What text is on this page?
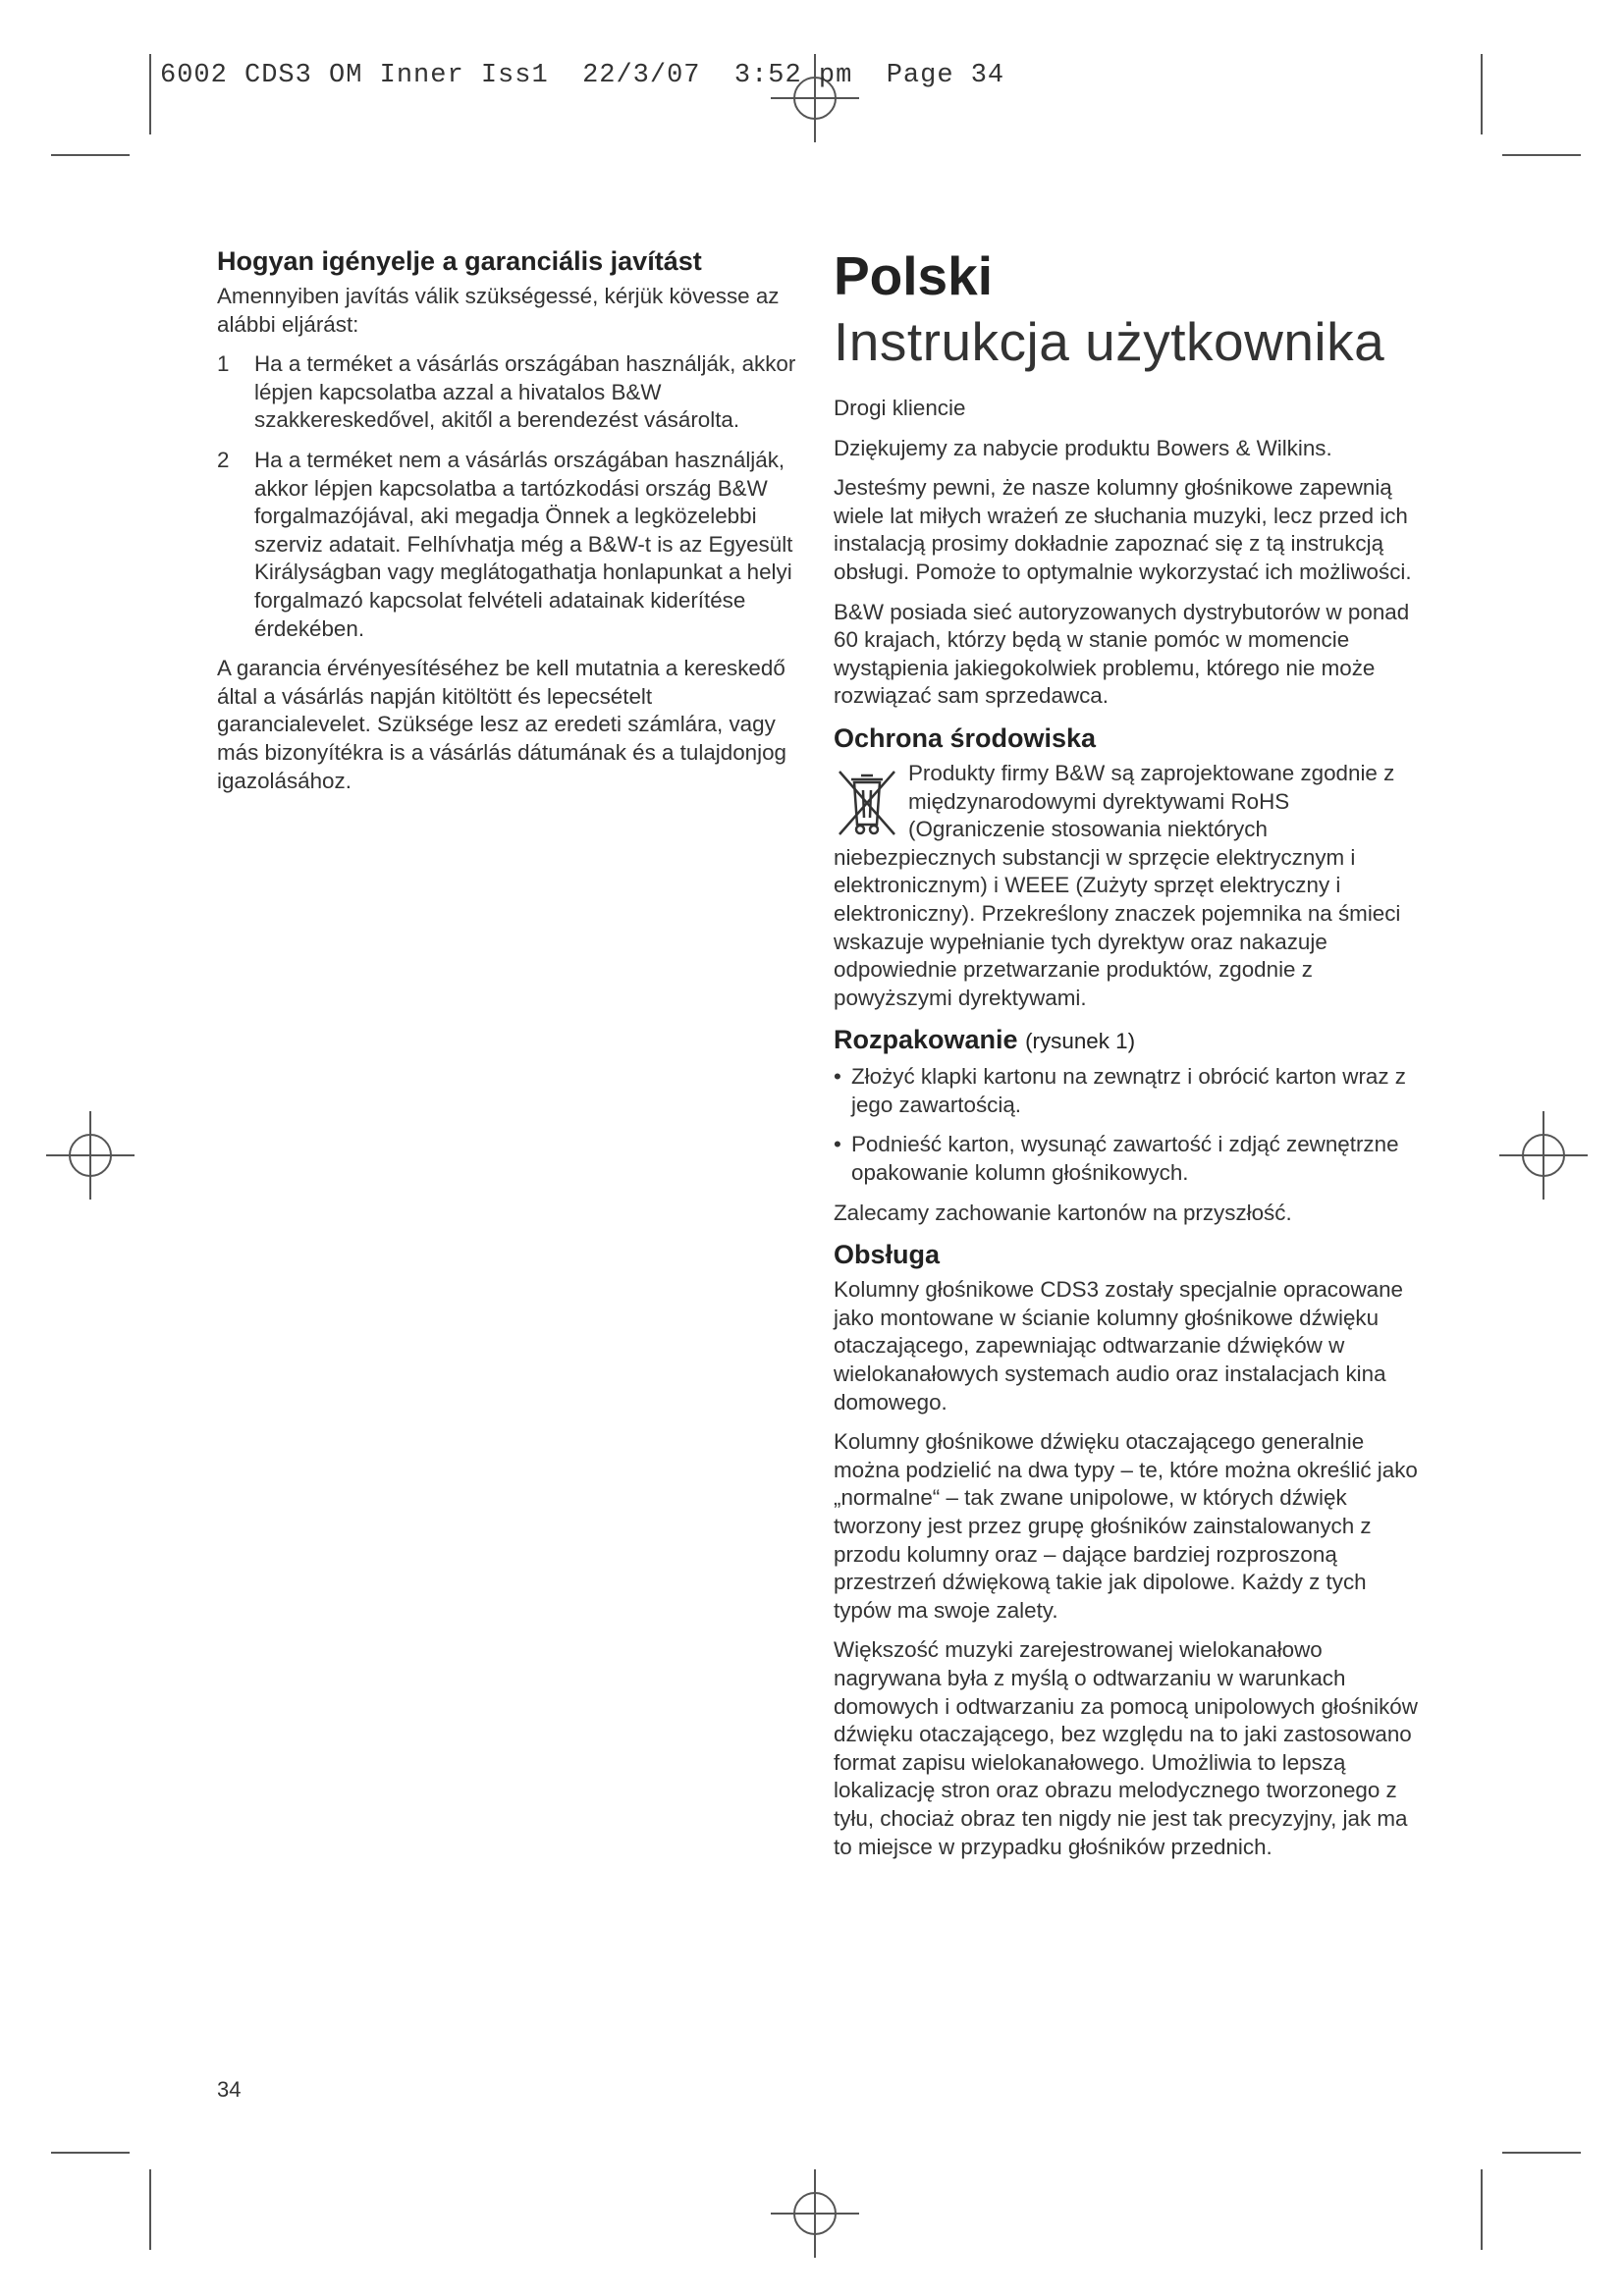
6002 CDS3 OM Inner Iss1  22/3/07  3:52 pm  Page 34
Hogyan igényelje a garanciális javítást

Amennyiben javítás válik szükségessé, kérjük kövesse az alábbi eljárást:

1 Ha a terméket a vásárlás országában használják, akkor lépjen kapcsolatba azzal a hivatalos B&W szakkereskedővel, akitől a berendezést vásárolta.
2 Ha a terméket nem a vásárlás országában használják, akkor lépjen kapcsolatba a tartózkodási ország B&W forgalmazójával, aki megadja Önnek a legközelebbi szerviz adatait. Felhívhatja még a B&W-t is az Egyesült Királyságban vagy meglátogathatja honlapunkat a helyi forgalmazó kapcsolat felvételi adatainak kiderítése érdekében.

A garancia érvényesítéséhez be kell mutatnia a kereskedő által a vásárlás napján kitöltött és lepecsételt garancialevelet. Szüksége lesz az eredeti számlára, vagy más bizonyítékra is a vásárlás dátumának és a tulajdonjog igazolásához.

Polski
Instrukcja użytkownika

Drogi kliencie

Dziękujemy za nabycie produktu Bowers & Wilkins.

Jesteśmy pewni, że nasze kolumny głośnikowe zapewnią wiele lat miłych wrażeń ze słuchania muzyki, lecz przed ich instalacją prosimy dokładnie zapoznać się z tą instrukcją obsługi. Pomoże to optymalnie wykorzystać ich możliwości.

B&W posiada sieć autoryzowanych dystrybutorów w ponad 60 krajach, którzy będą w stanie pomóc w momencie wystąpienia jakiegokolwiek problemu, którego nie może rozwiązać sam sprzedawca.

Ochrona środowiska

Produkty firmy B&W są zaprojektowane zgodnie z międzynarodowymi dyrektywami RoHS (Ograniczenie stosowania niektórych niebezpiecznych substancji w sprzęcie elektrycznym i elektronicznym) i WEEE (Zużyty sprzęt elektryczny i elektroniczny). Przekreślony znaczek pojemnika na śmieci wskazuje wypełnianie tych dyrektyw oraz nakazuje odpowiednie przetwarzanie produktów, zgodnie z powyższymi dyrektywami.

Rozpakowanie (rysunek 1)
• Złożyć klapki kartonu na zewnątrz i obrócić karton wraz z jego zawartością.
• Podnieść karton, wysunąć zawartość i zdjąć zewnętrzne opakowanie kolumn głośnikowych.

Zalecamy zachowanie kartonów na przyszłość.

Obsługa

Kolumny głośnikowe CDS3 zostały specjalnie opracowane jako montowane w ścianie kolumny głośnikowe dźwięku otaczającego, zapewniając odtwarzanie dźwięków w wielokanałowych systemach audio oraz instalacjach kina domowego.

Kolumny głośnikowe dźwięku otaczającego generalnie można podzielić na dwa typy – te, które można określić jako „normalne“ – tak zwane unipolowe, w których dźwięk tworzony jest przez grupę głośników zainstalowanych z przodu kolumny oraz – dające bardziej rozproszoną przestrzeń dźwiękową takie jak dipolowe. Każdy z tych typów ma swoje zalety.

Większość muzyki zarejestrowanej wielokanałowo nagrywana była z myślą o odtwarzaniu w warunkach domowych i odtwarzaniu za pomocą unipolowych głośników dźwięku otaczającego, bez względu na to jaki zastosowano format zapisu wielokanałowego. Umożliwia to lepszą lokalizację stron oraz obrazu melodycznego tworzonego z tyłu, chociaż obraz ten nigdy nie jest tak precyzyjny, jak ma to miejsce w przypadku głośników przednich.

34
